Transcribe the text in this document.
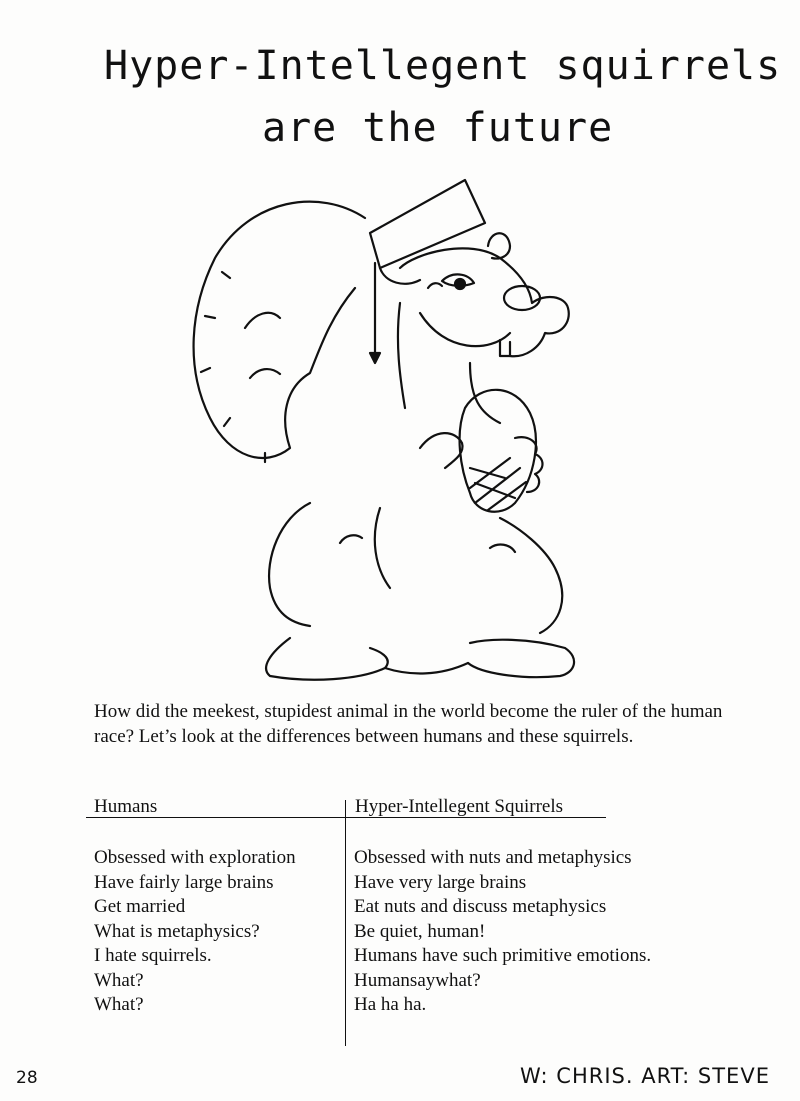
Hyper-Intellegent squirrels
are the future

How did the meekest, stupidest animal in the world become the ruler of the human race? Let’s look at the differences between humans and these squirrels.

Humans	Hyper-Intellegent Squirrels
Obsessed with exploration
Have fairly large brains
Get married
What is metaphysics?
I hate squirrels.
What?
What?
Obsessed with nuts and metaphysics
Have very large brains
Eat nuts and discuss metaphysics
Be quiet, human!
Humans have such primitive emotions.
Humansaywhat?
Ha ha ha.
28	W: CHRIS. ART: STEVE
